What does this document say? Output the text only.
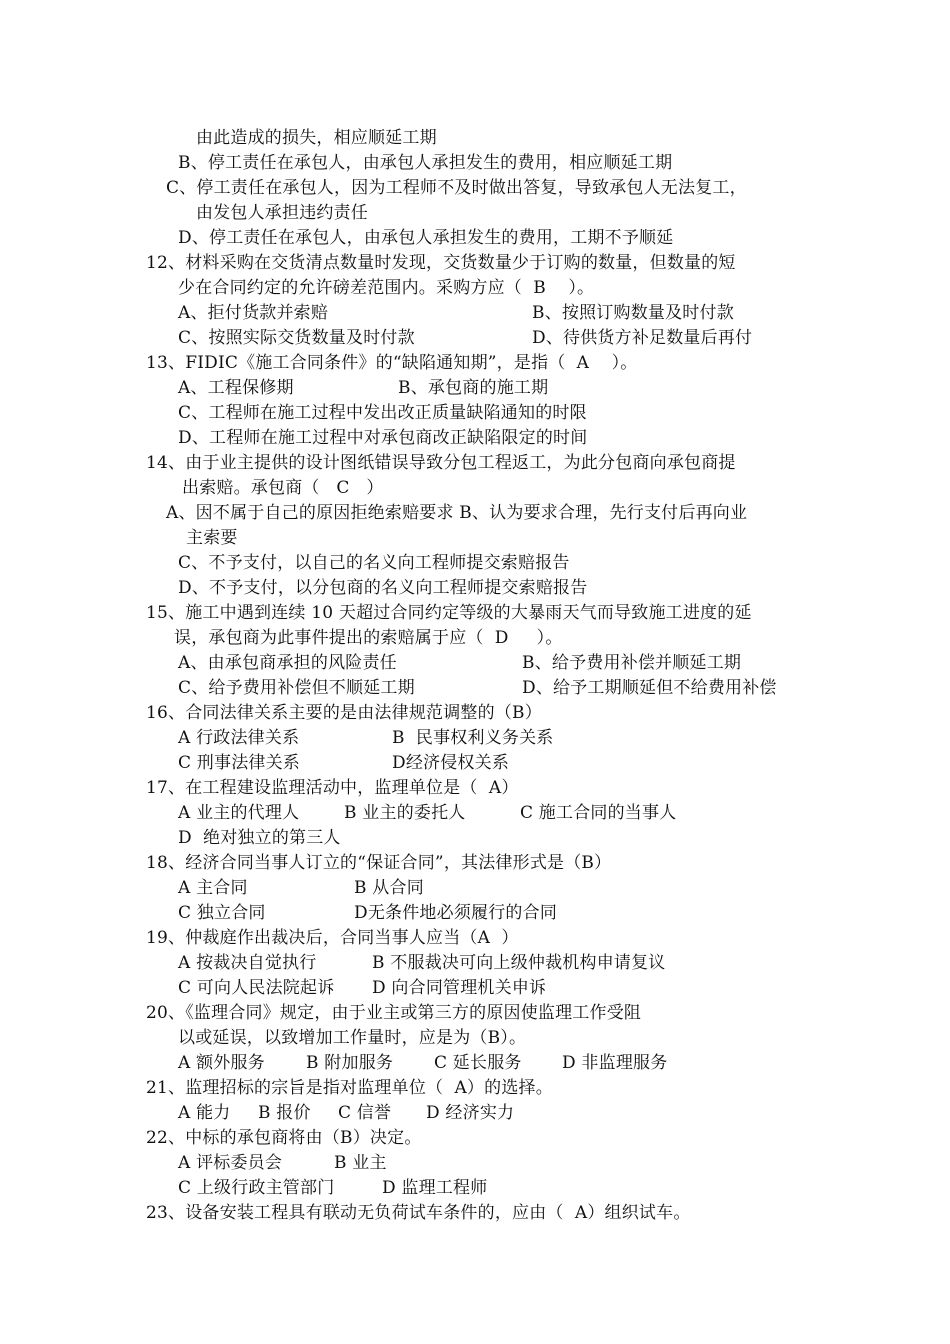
由此造成的损失，相应顺延工期
B、停工责任在承包人，由承包人承担发生的费用，相应顺延工期
C、停工责任在承包人，因为工程师不及时做出答复，导致承包人无法复工，
由发包人承担违约责任
D、停工责任在承包人，由承包人承担发生的费用，工期不予顺延
12、材料采购在交货清点数量时发现，交货数量少于订购的数量，但数量的短
少在合同约定的允许磅差范围内。采购方应（  B    ）。
A、拒付货款并索赔	B、按照订购数量及时付款
C、按照实际交货数量及时付款	D、待供货方补足数量后再付
13、FIDIC《施工合同条件》的“缺陷通知期”，是指（  A    ）。
A、工程保修期	B、承包商的施工期
C、工程师在施工过程中发出改正质量缺陷通知的时限
D、工程师在施工过程中对承包商改正缺陷限定的时间
14、由于业主提供的设计图纸错误导致分包工程返工，为此分包商向承包商提
出索赔。承包商（   C   ）
A、因不属于自己的原因拒绝索赔要求 B、认为要求合理，先行支付后再向业
主索要
C、不予支付，以自己的名义向工程师提交索赔报告
D、不予支付，以分包商的名义向工程师提交索赔报告
15、施工中遇到连续 10 天超过合同约定等级的大暴雨天气而导致施工进度的延
误，承包商为此事件提出的索赔属于应（  D     ）。
A、由承包商承担的风险责任	B、给予费用补偿并顺延工期
C、给予费用补偿但不顺延工期	D、给予工期顺延但不给费用补偿
16、合同法律关系主要的是由法律规范调整的（B）
A 行政法律关系	B  民事权利义务关系
C 刑事法律关系	D经济侵权关系
17、在工程建设监理活动中，监理单位是（  A）
A 业主的代理人	B 业主的委托人	C 施工合同的当事人
D  绝对独立的第三人
18、经济合同当事人订立的“保证合同”，其法律形式是（B）
A 主合同	B 从合同
C 独立合同	D无条件地必须履行的合同
19、仲裁庭作出裁决后，合同当事人应当（A  ）
A 按裁决自觉执行	B 不服裁决可向上级仲裁机构申请复议
C 可向人民法院起诉 D 向合同管理机关申诉
20、《监理合同》规定，由于业主或第三方的原因使监理工作受阻
以或延误，以致增加工作量时，应是为（B）。
A 额外服务 B 附加服务 C 延长服务 D 非监理服务
21、监理招标的宗旨是指对监理单位（  A）的选择。
A 能力 B 报价 C 信誉 D 经济实力
22、中标的承包商将由（B）决定。
A 评标委员会	B 业主
C 上级行政主管部门	D 监理工程师
23、设备安装工程具有联动无负荷试车条件的，应由（  A）组织试车。
